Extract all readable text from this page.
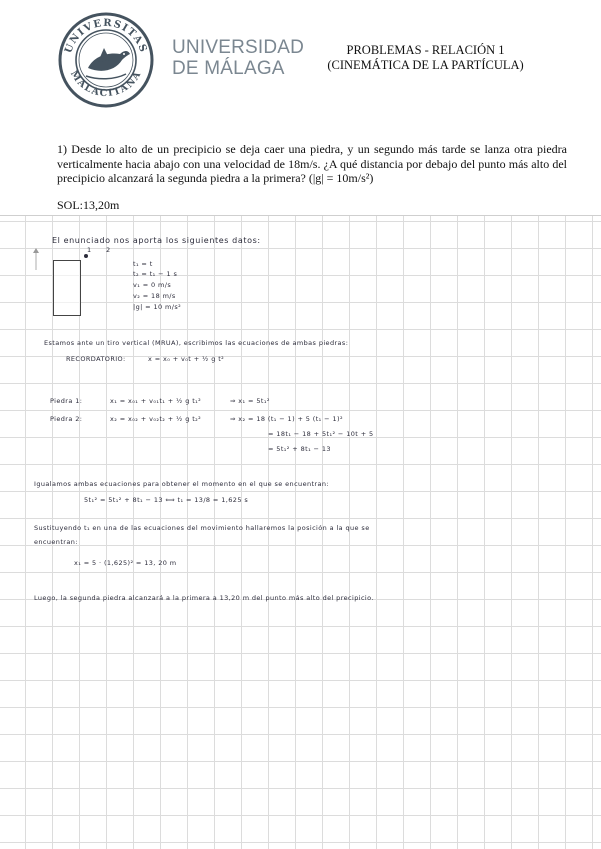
UNIVERSITAS
MALACITANA
UNIVERSIDAD
DE MÁLAGA
PROBLEMAS - RELACIÓN 1
(CINEMÁTICA DE LA PARTÍCULA)
1) Desde lo alto de un precipicio se deja caer una piedra, y un segundo más tarde se lanza otra piedra verticalmente hacia abajo con una velocidad de 18m/s. ¿A qué distancia por debajo del punto más alto del precipicio alcanzará la segunda piedra a la primera? (|g| = 10m/s²)
SOL:13,20m
El enunciado nos aporta los siguientes datos:
1 2
t₁ = t
t₂ = t₁ − 1 s
v₁ = 0 m/s
v₂ = 18 m/s
|g| = 10 m/s²
Estamos ante un tiro vertical (MRUA), escribimos las ecuaciones de ambas piedras:
RECORDATORIO:	x = x₀ + v₀t + ½ g t²
Piedra 1:	x₁ = x₀₁ + v₀₁t₁ + ½ g t₁²	⇒ x₁ = 5t₁²
Piedra 2:	x₂ = x₀₂ + v₀₂t₂ + ½ g t₂²	⇒ x₂ = 18 (t₁ − 1) + 5 (t₁ − 1)²
= 18t₁ − 18 + 5t₁² − 10t + 5
= 5t₁² + 8t₁ − 13
Igualamos ambas ecuaciones para obtener el momento en el que se encuentran:
5t₁² = 5t₁² + 8t₁ − 13 ⟺ t₁ = 13/8 = 1,625 s
Sustituyendo t₁ en una de las ecuaciones del movimiento hallaremos la posición a la que se
encuentran:
x₁ = 5 · (1,625)² = 13, 20 m
Luego, la segunda piedra alcanzará a la primera a 13,20 m del punto más alto del precipicio.
